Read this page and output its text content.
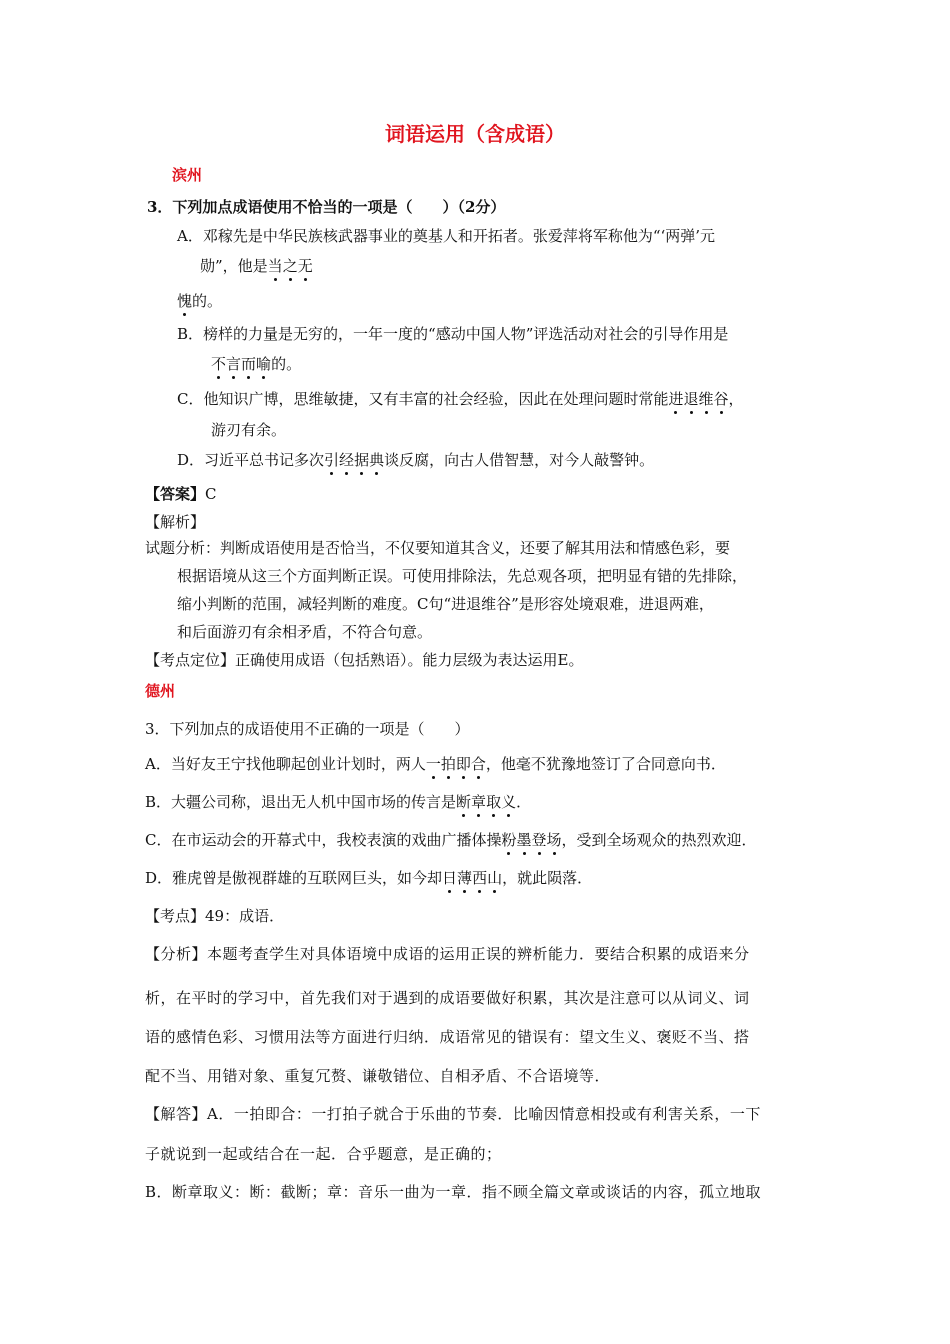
词语运用（含成语）
滨州
3．下列加点成语使用不恰当的一项是（　　）（2分）
A．邓稼先是中华民族核武器事业的奠基人和开拓者。张爱萍将军称他为“‘两弹’元
勋”，他是当之无
愧的。
B．榜样的力量是无穷的，一年一度的“感动中国人物”评选活动对社会的引导作用是
不言而喻的。
C．他知识广博，思维敏捷，又有丰富的社会经验，因此在处理问题时常能进退维谷，
游刃有余。
D．习近平总书记多次引经据典谈反腐，向古人借智慧，对今人敲警钟。
【答案】C
【解析】
试题分析：判断成语使用是否恰当，不仅要知道其含义，还要了解其用法和情感色彩，要
根据语境从这三个方面判断正误。可使用排除法，先总观各项，把明显有错的先排除，
缩小判断的范围，减轻判断的难度。C句“进退维谷”是形容处境艰难，进退两难，
和后面游刃有余相矛盾，不符合句意。
【考点定位】正确使用成语（包括熟语）。能力层级为表达运用E。
德州
3．下列加点的成语使用不正确的一项是（　　）
A．当好友王宁找他聊起创业计划时，两人一拍即合，他毫不犹豫地签订了合同意向书．
B．大疆公司称，退出无人机中国市场的传言是断章取义．
C．在市运动会的开幕式中，我校表演的戏曲广播体操粉墨登场，受到全场观众的热烈欢迎．
D．雅虎曾是傲视群雄的互联网巨头，如今却日薄西山，就此陨落．
【考点】49：成语．
【分析】本题考查学生对具体语境中成语的运用正误的辨析能力．要结合积累的成语来分
析，在平时的学习中，首先我们对于遇到的成语要做好积累，其次是注意可以从词义、词
语的感情色彩、习惯用法等方面进行归纳．成语常见的错误有：望文生义、褒贬不当、搭
配不当、用错对象、重复冗赘、谦敬错位、自相矛盾、不合语境等．
【解答】A．一拍即合：一打拍子就合于乐曲的节奏．比喻因情意相投或有利害关系，一下
子就说到一起或结合在一起．合乎题意，是正确的；
B．断章取义：断：截断；章：音乐一曲为一章．指不顾全篇文章或谈话的内容，孤立地取
